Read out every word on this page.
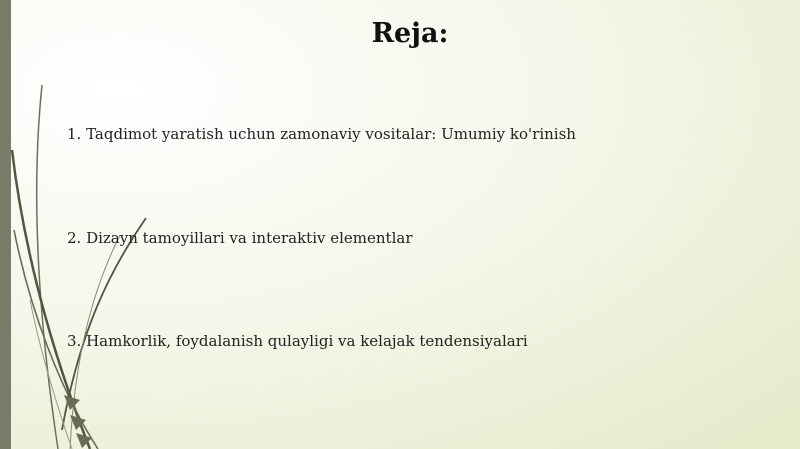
Reja:
1. Taqdimot yaratish uchun zamonaviy vositalar: Umumiy ko'rinish
2. Dizayn tamoyillari va interaktiv elementlar
3. Hamkorlik, foydalanish qulayligi va kelajak tendensiyalari
